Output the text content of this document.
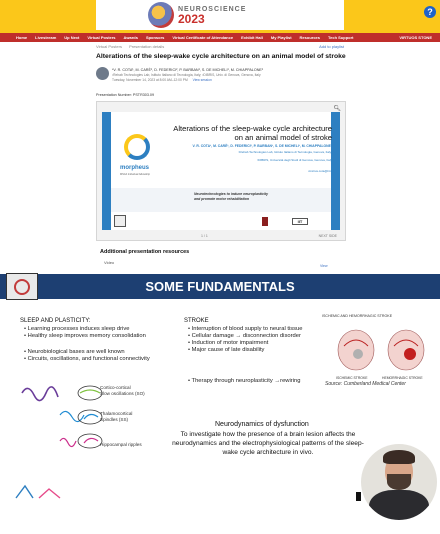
NEUROSCIENCE
2023	?
Home Livestream Up Next Virtual Posters Awards Sponsors Virtual Certificate of Attendance Exhibit Hall My Playlist Resources Tech Support	VIRTUOS STONE
Virtual Posters Presentation details	Add to playlist
Alterations of the sleep-wake cycle architecture on an animal model of stroke
*V. R. COTA¹, M. CARÈ¹, D. FEDERICI², P. BARBAN¹, S. DE MICHELI¹, M. CHIAPPALONE¹
¹Rehab Technologies Lab, Istituto Italiano di Tecnologia, Italy; ²DIBRIS, Univ. di Genova, Genova, Italy
Tuesday, November 14, 2023 at 8:00 AM–12:00 PM View session
Presentation Number: PSTR303.09
🔍︎
morpheus
MSCA Individual fellowship
Alterations of the sleep-wake cycle architecture on an animal model of stroke
V. R. COTA¹, M. CARÈ¹, D. FEDERICI², P. BARBAN¹, S. DE MICHELI¹, M. CHIAPPALONE²
¹Rehab Technologies Lab, Istituto Italiano di Tecnologia, Genova, Italy;
²DIBRIS, Università degli Studi di Genova, Genova, Italy
vinicius.cota@iit.it
Neurotechnologies to induce neuroplasticity
and promote motor rehabilitation
IIT
1 / 1	NEXT SIDE
Additional presentation resources
Video
View
SOME FUNDAMENTALS
SLEEP AND PLASTICITY:
• Learning processes induces sleep drive
• Healthy sleep improves memory consolidation
• Neurobiological bases are well known
• Circuits, oscillations, and functional connectivity
Cortico-cortical
Slow oscillations (SO)
Thalamocortical
Spindles (SS)
Hippocampal ripples
STROKE
• Interruption of blood supply to neural tissue
• Cellular damage → disconnection disorder
• Induction of motor impairment
• Major cause of late disability
• Therapy through neuroplasticity →rewiring
ISCHEMIC AND HEMORRHAGIC STROKE
ISCHEMIC STROKE	HEMORRHAGIC STROKE
Source: Cumberland Medical Center
Neurodynamics of dysfunction
To investigate how the presence of a brain lesion affects the neurodynamics and the electrophysiological patterns of the sleep-wake cycle architecture in vivo.
